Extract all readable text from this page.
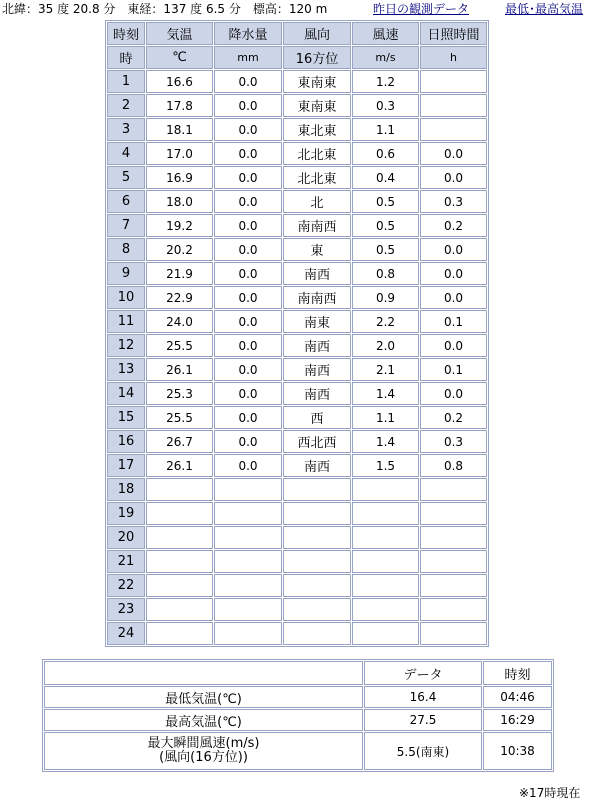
北緯：35 度 20.8 分　東経：137 度 6.5 分　標高：120 m	昨日の観測データ	最低･最高気温
時刻	気温	降水量	風向	風速	日照時間
時	℃	mm	16方位	m/s	h
1	16.6	0.0	東南東	1.2	
2	17.8	0.0	東南東	0.3	
3	18.1	0.0	東北東	1.1	
4	17.0	0.0	北北東	0.6	0.0
5	16.9	0.0	北北東	0.4	0.0
6	18.0	0.0	北	0.5	0.3
7	19.2	0.0	南南西	0.5	0.2
8	20.2	0.0	東	0.5	0.0
9	21.9	0.0	南西	0.8	0.0
10	22.9	0.0	南南西	0.9	0.0
11	24.0	0.0	南東	2.2	0.1
12	25.5	0.0	南西	2.0	0.0
13	26.1	0.0	南西	2.1	0.1
14	25.3	0.0	南西	1.4	0.0
15	25.5	0.0	西	1.1	0.2
16	26.7	0.0	西北西	1.4	0.3
17	26.1	0.0	南西	1.5	0.8
18					
19					
20					
21					
22					
23					
24					
	データ	時刻
最低気温(℃)	16.4	04:46
最高気温(℃)	27.5	16:29
最大瞬間風速(m/s)
(風向(16方位))	5.5(南東)	10:38
※17時現在
